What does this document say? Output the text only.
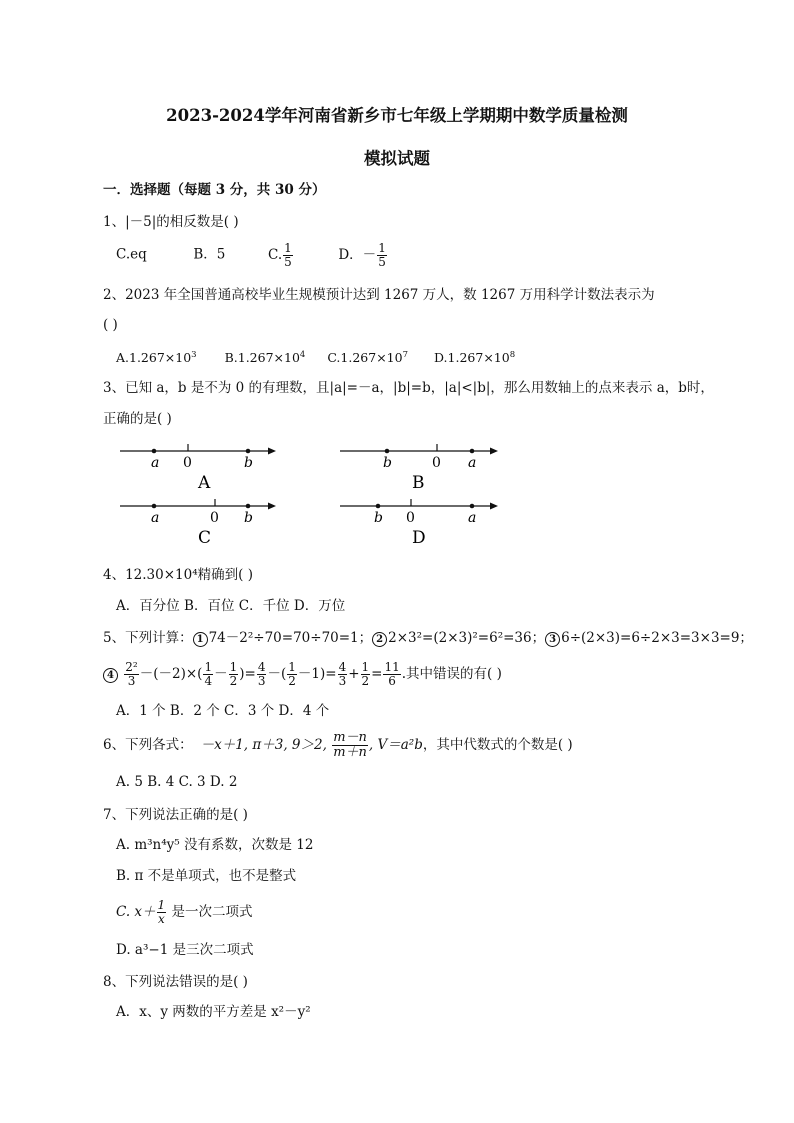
2023-2024学年河南省新乡市七年级上学期期中数学质量检测
模拟试题
一．选择题（每题 3 分，共 30 分）
1、|－5|的相反数是( )
C.eq	B．5	C. $\frac{1}{5}$	D．－ $\frac{1}{5}$
2、2023 年全国普通高校毕业生规模预计达到 1267 万人，数 1267 万用科学计数法表示为
( )
$A.1.267\times 10^3$ $B.1.267\times 10^4$ $C.1.267\times 10^7$ $D.1.267\times 10^8$
3、已知 a，b 是不为 0 的有理数，且|a|=－a，|b|=b，|a|<|b|，那么用数轴上的点来表示 a，b时，
正确的是( )
a 0	b
A
b	0 a
B
a	0 b
C
b 0	a
D
4、12.30×10⁴精确到( )
A．百分位 B．百位 C．千位 D．万位
5、下列计算： 1 74－2²÷70=70÷70=1； 2 2×3²=(2×3)²=6²=36； 3 6÷(2×3)=6÷2×3=3×3=9；
$4 \frac{\text{2²}}{3} -(-2)\times( \frac{1}{4} - \frac{1}{2}$ )= $\frac{4}{3}$ －( $\frac{1}{2} -1)= \frac{4}{3} + \frac{1}{2} = \frac{11}{6}$ .其中错误的有( )
A．1 个 B．2 个 C．3 个 D．4 个
6、下列各式： －x＋1, π＋3, 9＞2, $\frac{m-n}{m+n}$ , V＝a²b，其中代数式的个数是( )
A. 5 B. 4 C. 3 D. 2
7、下列说法正确的是( )
A. m³n⁴y⁵ 没有系数，次数是 12
B. π 不是单项式，也不是整式
C. $x+ \frac{1}{x}$ 是一次二项式
D. a³−1 是三次二项式
8、下列说法错误的是( )
A．x、y 两数的平方差是 x²－y²
